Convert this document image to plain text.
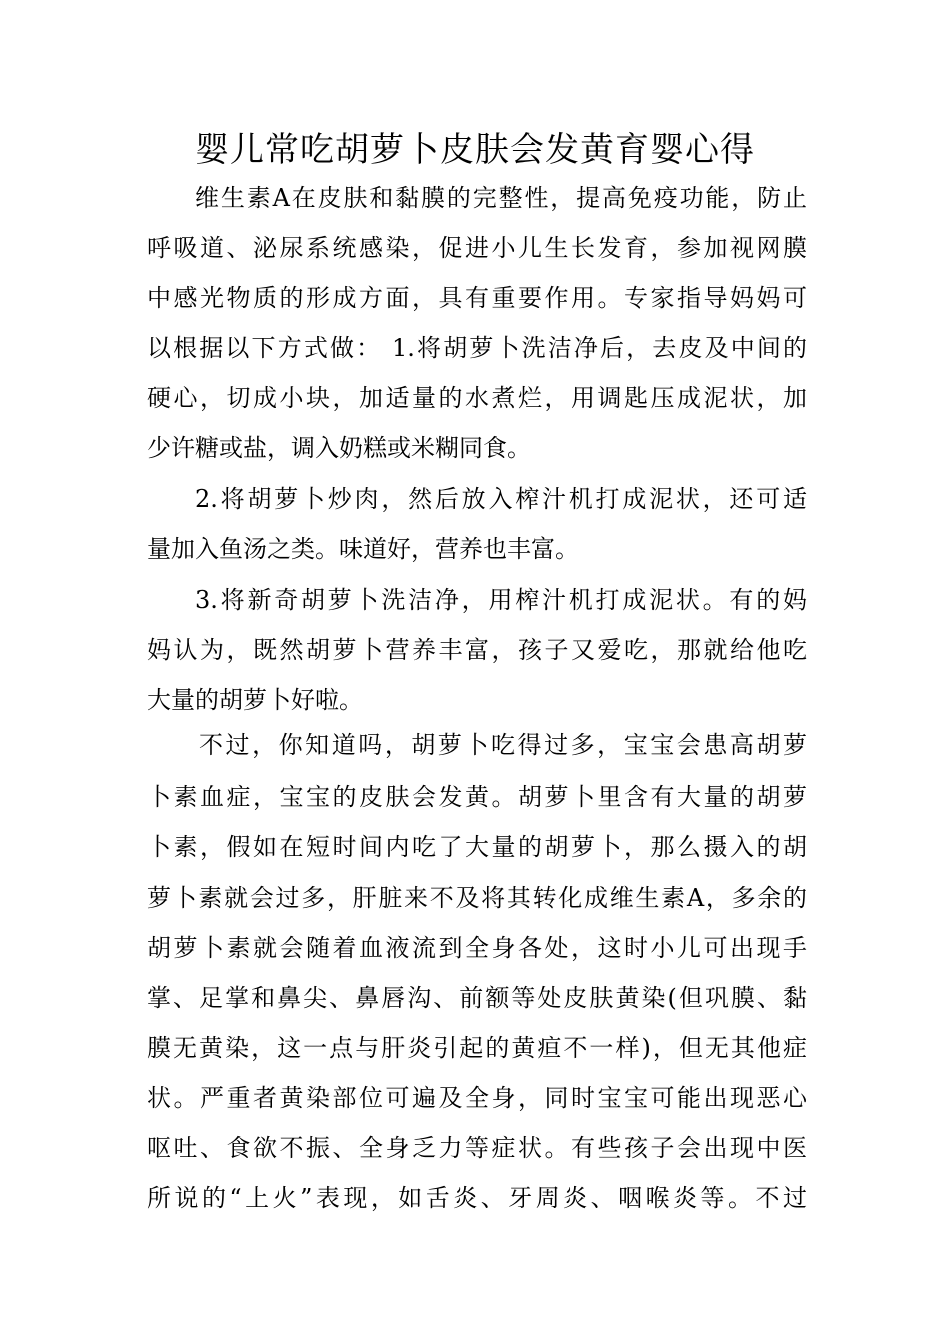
婴儿常吃胡萝卜皮肤会发黄育婴心得
维生素A在皮肤和黏膜的完整性，提高免疫功能，防止
呼吸道、泌尿系统感染，促进小儿生长发育，参加视网膜
中感光物质的形成方面，具有重要作用。专家指导妈妈可
以根据以下方式做： 1.将胡萝卜洗洁净后，去皮及中间的
硬心，切成小块，加适量的水煮烂，用调匙压成泥状，加
少许糖或盐，调入奶糕或米糊同食。
2.将胡萝卜炒肉，然后放入榨汁机打成泥状，还可适
量加入鱼汤之类。味道好，营养也丰富。
3.将新奇胡萝卜洗洁净，用榨汁机打成泥状。有的妈
妈认为，既然胡萝卜营养丰富，孩子又爱吃，那就给他吃
大量的胡萝卜好啦。
不过，你知道吗，胡萝卜吃得过多，宝宝会患高胡萝
卜素血症，宝宝的皮肤会发黄。胡萝卜里含有大量的胡萝
卜素，假如在短时间内吃了大量的胡萝卜，那么摄入的胡
萝卜素就会过多，肝脏来不及将其转化成维生素A，多余的
胡萝卜素就会随着血液流到全身各处，这时小儿可出现手
掌、足掌和鼻尖、鼻唇沟、前额等处皮肤黄染(但巩膜、黏
膜无黄染，这一点与肝炎引起的黄疸不一样)，但无其他症
状。严重者黄染部位可遍及全身，同时宝宝可能出现恶心
呕吐、食欲不振、全身乏力等症状。有些孩子会出现中医
所说的“上火”表现，如舌炎、牙周炎、咽喉炎等。不过
